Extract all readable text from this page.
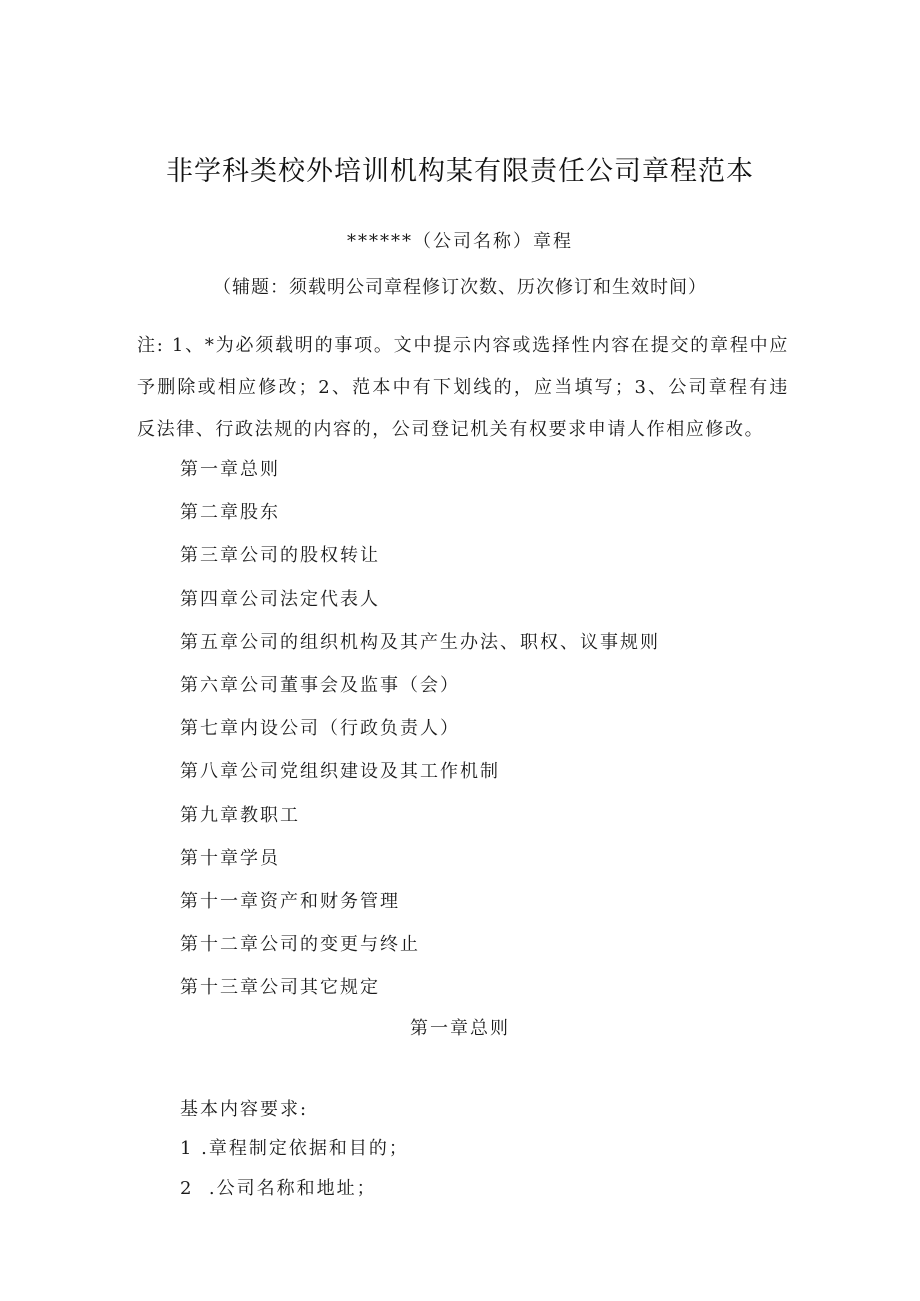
非学科类校外培训机构某有限责任公司章程范本
******（公司名称）章程
（辅题：须载明公司章程修订次数、历次修订和生效时间）
注: 1、*为必须载明的事项。文中提示内容或选择性内容在提交的章程中应予删除或相应修改；2、范本中有下划线的，应当填写；3、公司章程有违反法律、行政法规的内容的，公司登记机关有权要求申请人作相应修改。
第一章总则
第二章股东
第三章公司的股权转让
第四章公司法定代表人
第五章公司的组织机构及其产生办法、职权、议事规则
第六章公司董事会及监事（会）
第七章内设公司（行政负责人）
第八章公司党组织建设及其工作机制
第九章教职工
第十章学员
第十一章资产和财务管理
第十二章公司的变更与终止
第十三章公司其它规定
第一章总则
基本内容要求:
1 .章程制定依据和目的；
2  .公司名称和地址；
